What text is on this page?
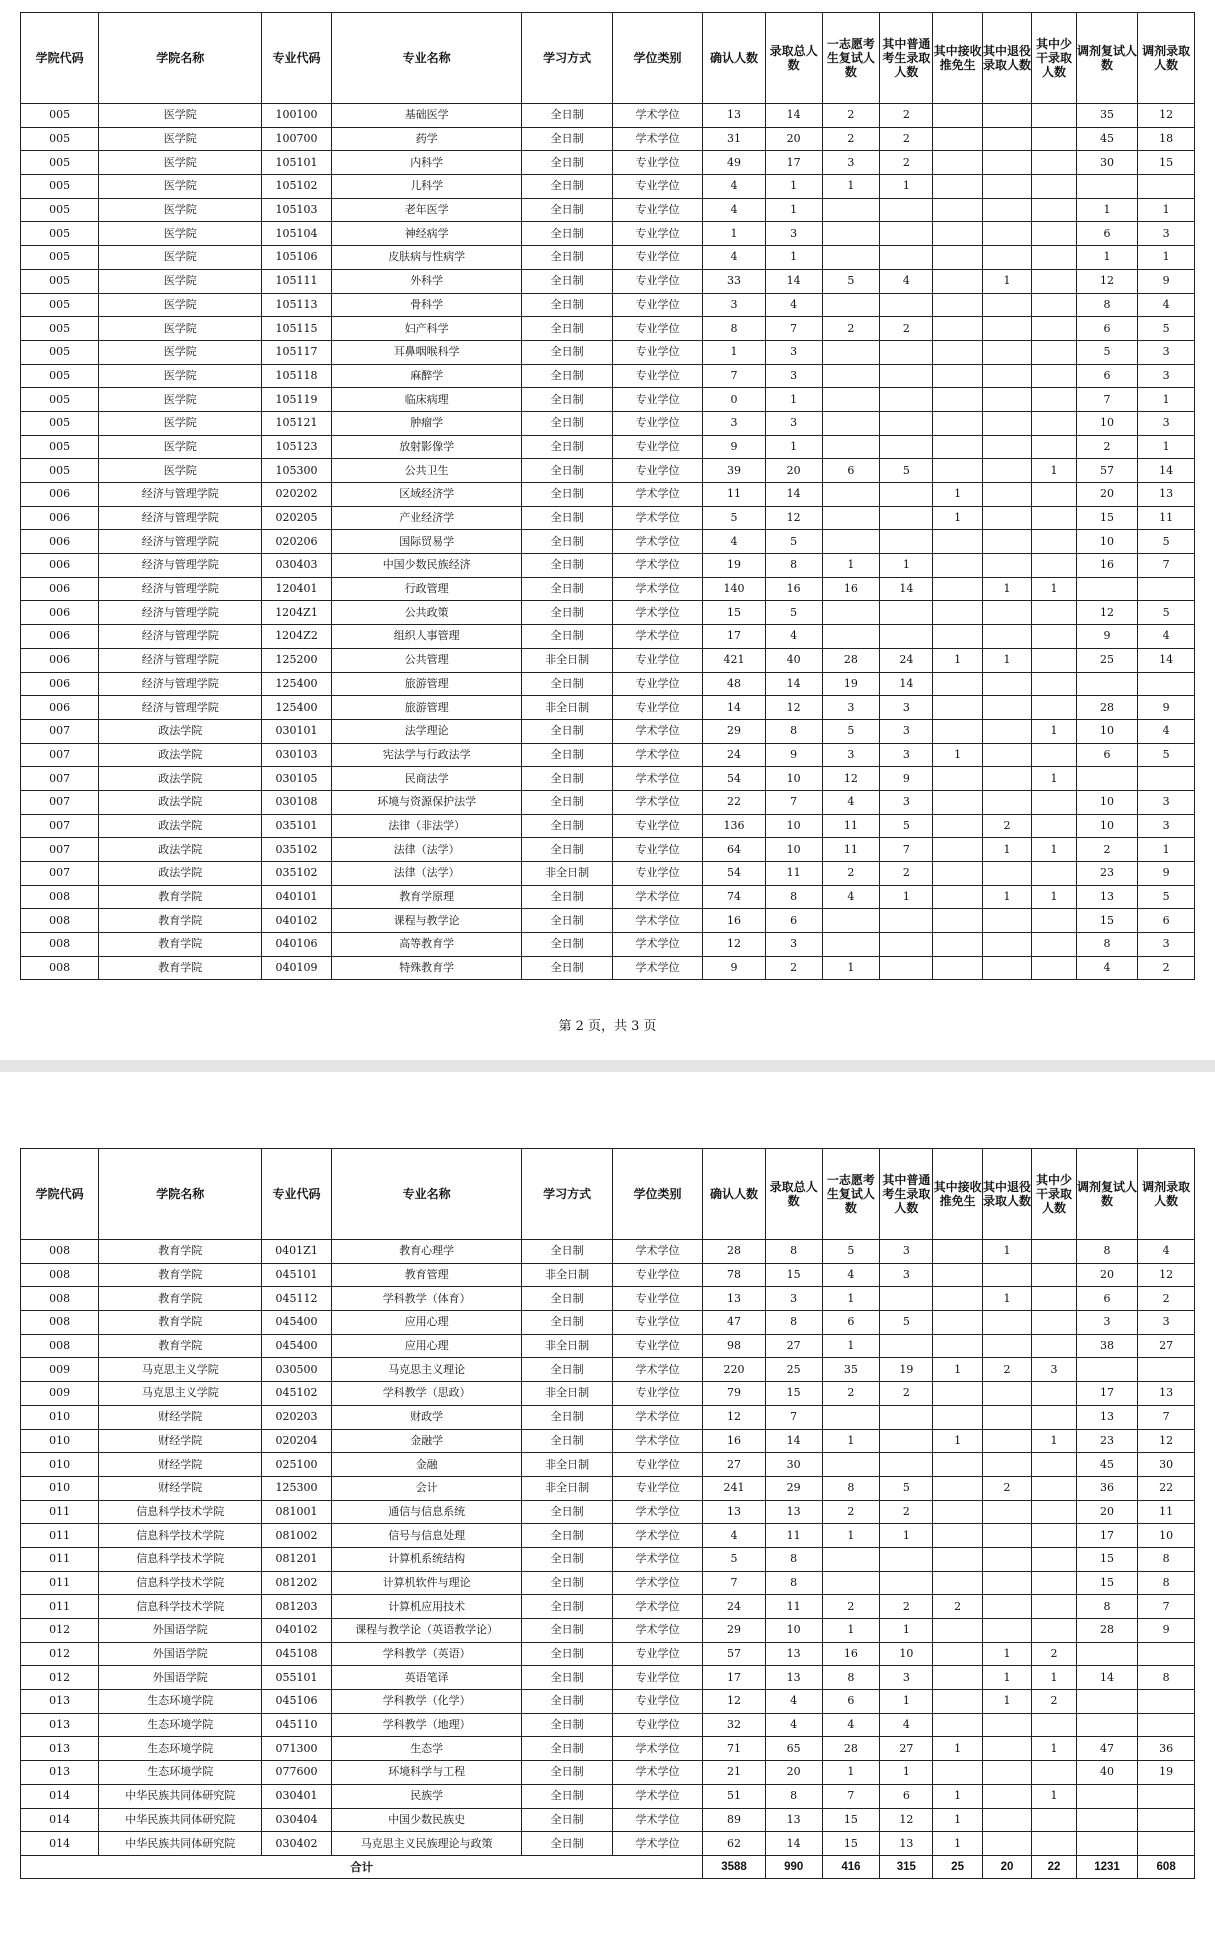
学院代码	学院名称	专业代码	专业名称	学习方式	学位类别	确认人数	录取总人数	一志愿考生复试人数	其中普通考生录取人数	其中接收推免生	其中退役录取人数	其中少干录取人数	调剂复试人数	调剂录取人数
005	医学院	100100	基础医学	全日制	学术学位	13	14	2	2				35	12
005	医学院	100700	药学	全日制	学术学位	31	20	2	2				45	18
005	医学院	105101	内科学	全日制	专业学位	49	17	3	2				30	15
005	医学院	105102	儿科学	全日制	专业学位	4	1	1	1					
005	医学院	105103	老年医学	全日制	专业学位	4	1						1	1
005	医学院	105104	神经病学	全日制	专业学位	1	3						6	3
005	医学院	105106	皮肤病与性病学	全日制	专业学位	4	1						1	1
005	医学院	105111	外科学	全日制	专业学位	33	14	5	4		1		12	9
005	医学院	105113	骨科学	全日制	专业学位	3	4						8	4
005	医学院	105115	妇产科学	全日制	专业学位	8	7	2	2				6	5
005	医学院	105117	耳鼻咽喉科学	全日制	专业学位	1	3						5	3
005	医学院	105118	麻醉学	全日制	专业学位	7	3						6	3
005	医学院	105119	临床病理	全日制	专业学位	0	1						7	1
005	医学院	105121	肿瘤学	全日制	专业学位	3	3						10	3
005	医学院	105123	放射影像学	全日制	专业学位	9	1						2	1
005	医学院	105300	公共卫生	全日制	专业学位	39	20	6	5			1	57	14
006	经济与管理学院	020202	区域经济学	全日制	学术学位	11	14			1			20	13
006	经济与管理学院	020205	产业经济学	全日制	学术学位	5	12			1			15	11
006	经济与管理学院	020206	国际贸易学	全日制	学术学位	4	5						10	5
006	经济与管理学院	030403	中国少数民族经济	全日制	学术学位	19	8	1	1				16	7
006	经济与管理学院	120401	行政管理	全日制	学术学位	140	16	16	14		1	1		
006	经济与管理学院	1204Z1	公共政策	全日制	学术学位	15	5						12	5
006	经济与管理学院	1204Z2	组织人事管理	全日制	学术学位	17	4						9	4
006	经济与管理学院	125200	公共管理	非全日制	专业学位	421	40	28	24	1	1		25	14
006	经济与管理学院	125400	旅游管理	全日制	专业学位	48	14	19	14					
006	经济与管理学院	125400	旅游管理	非全日制	专业学位	14	12	3	3				28	9
007	政法学院	030101	法学理论	全日制	学术学位	29	8	5	3			1	10	4
007	政法学院	030103	宪法学与行政法学	全日制	学术学位	24	9	3	3	1			6	5
007	政法学院	030105	民商法学	全日制	学术学位	54	10	12	9			1		
007	政法学院	030108	环境与资源保护法学	全日制	学术学位	22	7	4	3				10	3
007	政法学院	035101	法律（非法学）	全日制	专业学位	136	10	11	5		2		10	3
007	政法学院	035102	法律（法学）	全日制	专业学位	64	10	11	7		1	1	2	1
007	政法学院	035102	法律（法学）	非全日制	专业学位	54	11	2	2				23	9
008	教育学院	040101	教育学原理	全日制	学术学位	74	8	4	1		1	1	13	5
008	教育学院	040102	课程与教学论	全日制	学术学位	16	6						15	6
008	教育学院	040106	高等教育学	全日制	学术学位	12	3						8	3
008	教育学院	040109	特殊教育学	全日制	学术学位	9	2	1					4	2
第 2 页，共 3 页
学院代码	学院名称	专业代码	专业名称	学习方式	学位类别	确认人数	录取总人数	一志愿考生复试人数	其中普通考生录取人数	其中接收推免生	其中退役录取人数	其中少干录取人数	调剂复试人数	调剂录取人数
008	教育学院	0401Z1	教育心理学	全日制	学术学位	28	8	5	3		1		8	4
008	教育学院	045101	教育管理	非全日制	专业学位	78	15	4	3				20	12
008	教育学院	045112	学科教学（体育）	全日制	专业学位	13	3	1			1		6	2
008	教育学院	045400	应用心理	全日制	专业学位	47	8	6	5				3	3
008	教育学院	045400	应用心理	非全日制	专业学位	98	27	1					38	27
009	马克思主义学院	030500	马克思主义理论	全日制	学术学位	220	25	35	19	1	2	3		
009	马克思主义学院	045102	学科教学（思政）	非全日制	专业学位	79	15	2	2				17	13
010	财经学院	020203	财政学	全日制	学术学位	12	7						13	7
010	财经学院	020204	金融学	全日制	学术学位	16	14	1		1		1	23	12
010	财经学院	025100	金融	非全日制	专业学位	27	30						45	30
010	财经学院	125300	会计	非全日制	专业学位	241	29	8	5		2		36	22
011	信息科学技术学院	081001	通信与信息系统	全日制	学术学位	13	13	2	2				20	11
011	信息科学技术学院	081002	信号与信息处理	全日制	学术学位	4	11	1	1				17	10
011	信息科学技术学院	081201	计算机系统结构	全日制	学术学位	5	8						15	8
011	信息科学技术学院	081202	计算机软件与理论	全日制	学术学位	7	8						15	8
011	信息科学技术学院	081203	计算机应用技术	全日制	学术学位	24	11	2	2	2			8	7
012	外国语学院	040102	课程与教学论（英语教学论）	全日制	学术学位	29	10	1	1				28	9
012	外国语学院	045108	学科教学（英语）	全日制	专业学位	57	13	16	10		1	2		
012	外国语学院	055101	英语笔译	全日制	专业学位	17	13	8	3		1	1	14	8
013	生态环境学院	045106	学科教学（化学）	全日制	专业学位	12	4	6	1		1	2		
013	生态环境学院	045110	学科教学（地理）	全日制	专业学位	32	4	4	4					
013	生态环境学院	071300	生态学	全日制	学术学位	71	65	28	27	1		1	47	36
013	生态环境学院	077600	环境科学与工程	全日制	学术学位	21	20	1	1				40	19
014	中华民族共同体研究院	030401	民族学	全日制	学术学位	51	8	7	6	1		1		
014	中华民族共同体研究院	030404	中国少数民族史	全日制	学术学位	89	13	15	12	1				
014	中华民族共同体研究院	030402	马克思主义民族理论与政策	全日制	学术学位	62	14	15	13	1				
合计						3588	990	416	315	25	20	22	1231	608
